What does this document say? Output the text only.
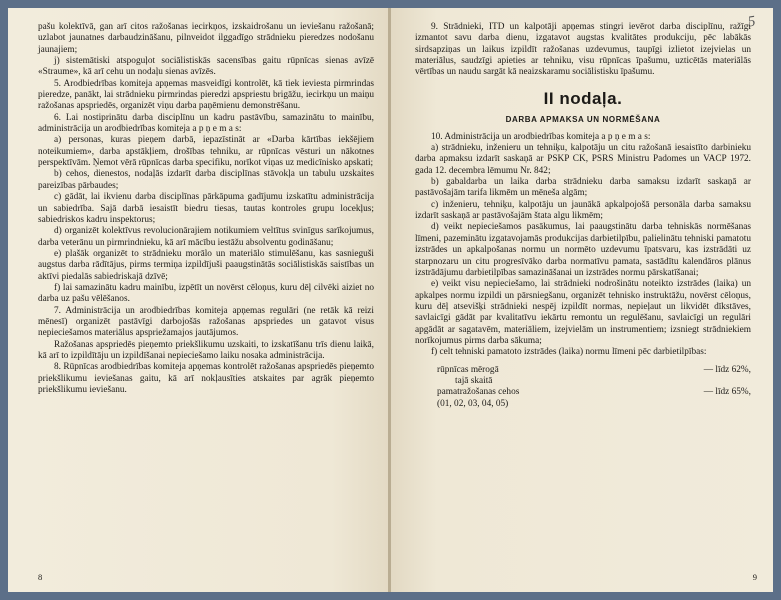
pašu kolektīvā, gan arī citos ražošanas iecirkņos, izskaidrošanu un ieviešanu ražošanā; uzlabot jaunatnes darbaudzināšanu, pilnveidot ilggadīgo strādnieku pieredzes nodošanu jaunajiem;

j) sistemātiski atspoguļot sociālistiskās sacensības gaitu rūpnīcas sienas avīzē «Straume», kā arī cehu un nodaļu sienas avīzēs.

5. Arodbiedrības komiteja apņemas masveidīgi kontrolēt, kā tiek ieviesta pirmrindas pieredze, panākt, lai strādnieku pirmrindas pieredzi apspriestu brigāžu, iecirkņu un maiņu ražošanas apspriedēs, organizēt viņu darba paņēmienu demonstrēšanu.

6. Lai nostiprinātu darba disciplīnu un kadru pastāvību, samazinātu to mainību, administrācija un arodbiedrības komiteja a p ņ e m a s:

a) personas, kuras pieņem darbā, iepazīstināt ar «Darba kārtības iekšējiem noteikumiem», darba apstākļiem, drošības tehniku, ar rūpnīcas vēsturi un nākotnes perspektīvām. Ņemot vērā rūpnīcas darba specifiku, norīkot viņas uz medicīnisko apskati;

b) cehos, dienestos, nodaļās izdarīt darba disciplīnas stāvokļa un tabulu uzskaites pareizības pārbaudes;

c) gādāt, lai ikvienu darba disciplīnas pārkāpuma gadījumu izskatītu administrācija un sabiedrība. Sajā darbā iesaistīt biedru tiesas, tautas kontroles grupu locekļus; sabiedriskos kadru inspektorus;

d) organizēt kolektīvus revolucionārajiem notikumiem veltītus svinīgus sarīkojumus, darba veterānu un pirmrindnieku, kā arī mācību iestāžu absolventu godināšanu;

e) plašāk organizēt to strādnieku morālo un materiālo stimulēšanu, kas sasnieguši augstus darba rādītājus, pirms termiņa izpildījuši paaugstinātās sociālistiskās saistības un aktīvi piedalās sabiedriskajā dzīvē;

f) lai samazinātu kadru mainību, izpētīt un novērst cēloņus, kuru dēļ cilvēki aiziet no darba uz pašu vēlēšanos.

7. Administrācija un arodbiedrības komiteja apņemas regulāri (ne retāk kā reizi mēnesī) organizēt pastāvīgi darbojošās ražošanas apspriedes un gatavot visus nepieciešamos materiālus apspriežamajos jautājumos.

Ražošanas apspriedēs pieņemto priekšlikumu uzskaiti, to izskatīšanu trīs dienu laikā, kā arī to izpildītāju un izpildīšanai nepieciešamo laiku nosaka administrācija.

8. Rūpnīcas arodbiedrības komiteja apņemas kontrolēt ražošanas apspriedēs pieņemto priekšlikumu ieviešanas gaitu, kā arī nokļausīties atskaites par agrāk pieņemto priekšlikumu ieviešanu.

8
5

9. Strādnieki, ITD un kalpotāji apņemas stingri ievērot darba disciplīnu, ražīgi izmantot savu darba dienu, izgatavot augstas kvalitātes produkciju, pēc labākās sirdsapziņas un laikus izpildīt ražošanas uzdevumus, taupīgi izlietot izejvielas un materiālus, saudzīgi apieties ar tehniku, visu rūpnīcas īpašumu, uzticētās materiālās vērtības un naudu sargāt kā neaizskaramu sociālistisku īpašumu.

II nodaļa.
DARBA APMAKSA UN NORMĒŠANA

10. Administrācija un arodbiedrības komiteja a p ņ e m a s:

a) strādnieku, inženieru un tehniķu, kalpotāju un citu ražošanā iesaistīto darbinieku darba apmaksu izdarīt saskaņā ar PSKP CK, PSRS Ministru Padomes un VACP 1972. gada 12. decembra lēmumu Nr. 842;

b) gabaldarba un laika darba strādnieku darba samaksu izdarīt saskaņā ar pastāvošajām tarifa likmēm un mēneša algām;

c) inženieru, tehniķu, kalpotāju un jaunākā apkalpojošā personāla darba samaksu izdarīt saskaņā ar pastāvošajām štata algu likmēm;

d) veikt nepieciešamos pasākumus, lai paaugstinātu darba tehniskās normēšanas līmeni, pazeminātu izgatavojamās produkcijas darbietilpību, palielinātu tehniski pamatotu izstrādes un apkalpošanas normu un normēto uzdevumu īpatsvaru, kas izstrādāti uz starpnozaru un citu progresīvāko darba normatīvu pamata, sastādītu kalendāros plānus izstrādājumu darbietilpības samazināšanai un izstrādes normu pārskatīšanai;

e) veikt visu nepieciešamo, lai strādnieki nodrošinātu noteikto izstrādes (laika) un apkalpes normu izpildi un pārsniegšanu, organizēt tehnisko instruktāžu, novērst cēloņus, kuru dēļ atsevišķi strādnieki nespēj izpildīt normas, nepieļaut un likvidēt dīkstāves, savlaicīgi gādāt par kvalitatīvu iekārtu remontu un regulēšanu, savlaicīgi un regulāri apgādāt ar sagatavēm, materiāliem, izejvielām un instrumentiem; izsniegt strādniekiem norīkojumus pirms darba sākuma;

f) celt tehniski pamatoto izstrādes (laika) normu līmeni pēc darbietilpības:

rūpnīcas mērogā	— līdz 62%,
tajā skaitā	
pamatražošanas cehos	— līdz 65%,
(01, 02, 03, 04, 05)	
9
